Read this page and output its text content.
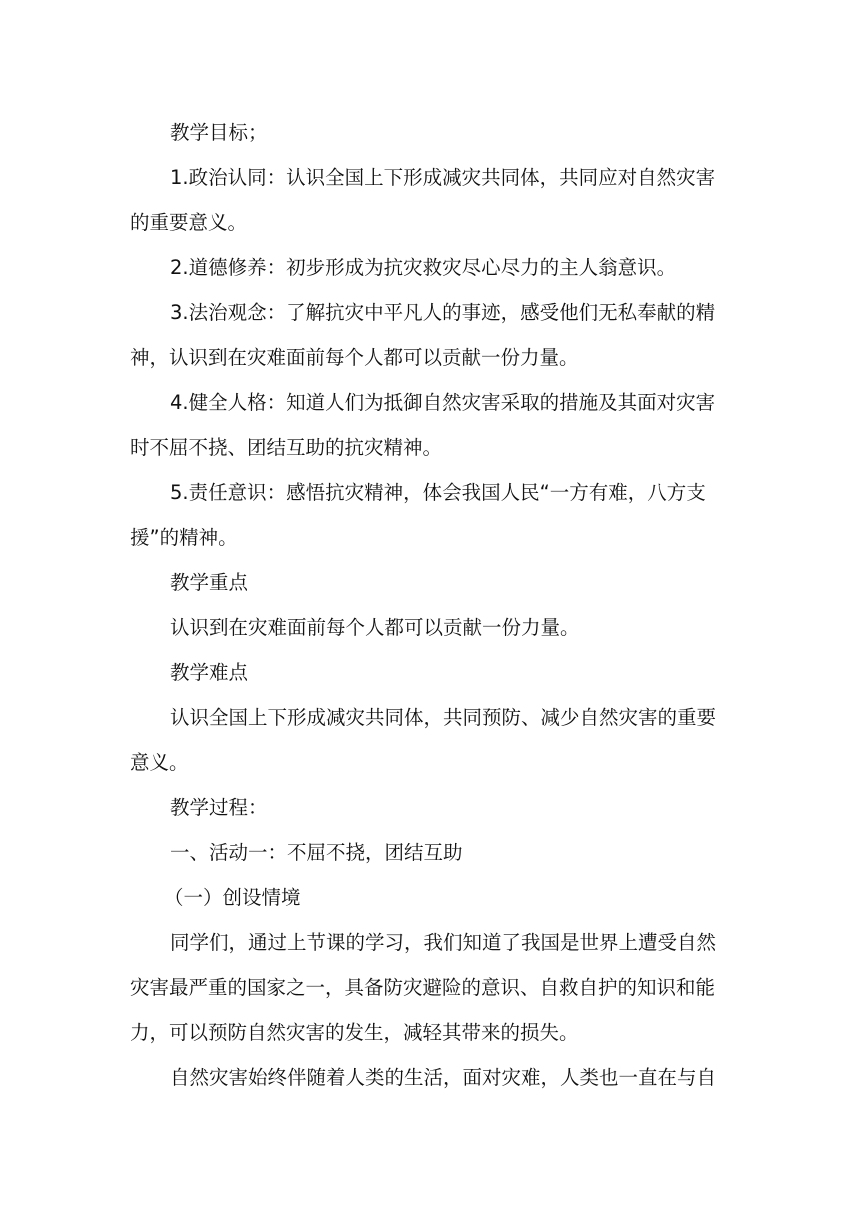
教学目标；
1.政治认同：认识全国上下形成减灾共同体，共同应对自然灾害
的重要意义。
2.道德修养：初步形成为抗灾救灾尽心尽力的主人翁意识。
3.法治观念：了解抗灾中平凡人的事迹，感受他们无私奉献的精
神，认识到在灾难面前每个人都可以贡献一份力量。
4.健全人格：知道人们为抵御自然灾害采取的措施及其面对灾害
时不屈不挠、团结互助的抗灾精神。
5.责任意识：感悟抗灾精神，体会我国人民“一方有难，八方支
援”的精神。
教学重点
认识到在灾难面前每个人都可以贡献一份力量。
教学难点
认识全国上下形成减灾共同体，共同预防、减少自然灾害的重要
意义。
教学过程：
一、活动一：不屈不挠，团结互助
（一）创设情境
同学们，通过上节课的学习，我们知道了我国是世界上遭受自然
灾害最严重的国家之一，具备防灾避险的意识、自救自护的知识和能
力，可以预防自然灾害的发生，减轻其带来的损失。
自然灾害始终伴随着人类的生活，面对灾难，人类也一直在与自
